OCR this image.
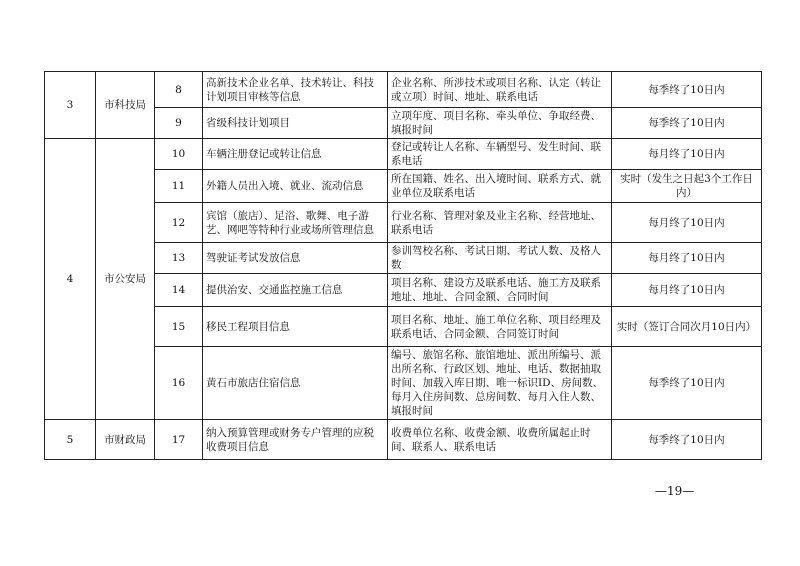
3	市科技局	8	高新技术企业名单、技术转让、科技计划项目审核等信息	企业名称、所涉技术或项目名称、认定（转让或立项）时间、地址、联系电话	每季终了10日内
		9	省级科技计划项目	立项年度、项目名称、牵头单位、争取经费、填报时间	每季终了10日内
4	市公安局	10	车辆注册登记或转让信息	登记或转让人名称、车辆型号、发生时间、联系电话	每月终了10日内
		11	外籍人员出入境、就业、流动信息	所在国籍、姓名、出入境时间、联系方式、就业单位及联系电话	实时（发生之日起3个工作日内）
		12	宾馆（旅店）、足浴、歌舞、电子游艺、网吧等特种行业或场所管理信息	行业名称、管理对象及业主名称、经营地址、联系电话	每月终了10日内
		13	驾驶证考试发放信息	参训驾校名称、考试日期、考试人数、及格人数	每月终了10日内
		14	提供治安、交通监控施工信息	项目名称、建设方及联系电话、施工方及联系地址、地址、合同金额、合同时间	每月终了10日内
		15	移民工程项目信息	项目名称、地址、施工单位名称、项目经理及联系电话、合同金额、合同签订时间	实时（签订合同次月10日内）
		16	黄石市旅店住宿信息	编号、旅馆名称、旅馆地址、派出所编号、派出所名称、行政区划、地址、电话、数据抽取时间、加载入库日期、唯一标识ID、房间数、每月入住房间数、总房间数、每月入住人数、填报时间	每季终了10日内
5	市财政局	17	纳入预算管理或财务专户管理的应税收费项目信息	收费单位名称、收费金额、收费所属起止时间、联系人、联系电话	每季终了10日内
—19—
